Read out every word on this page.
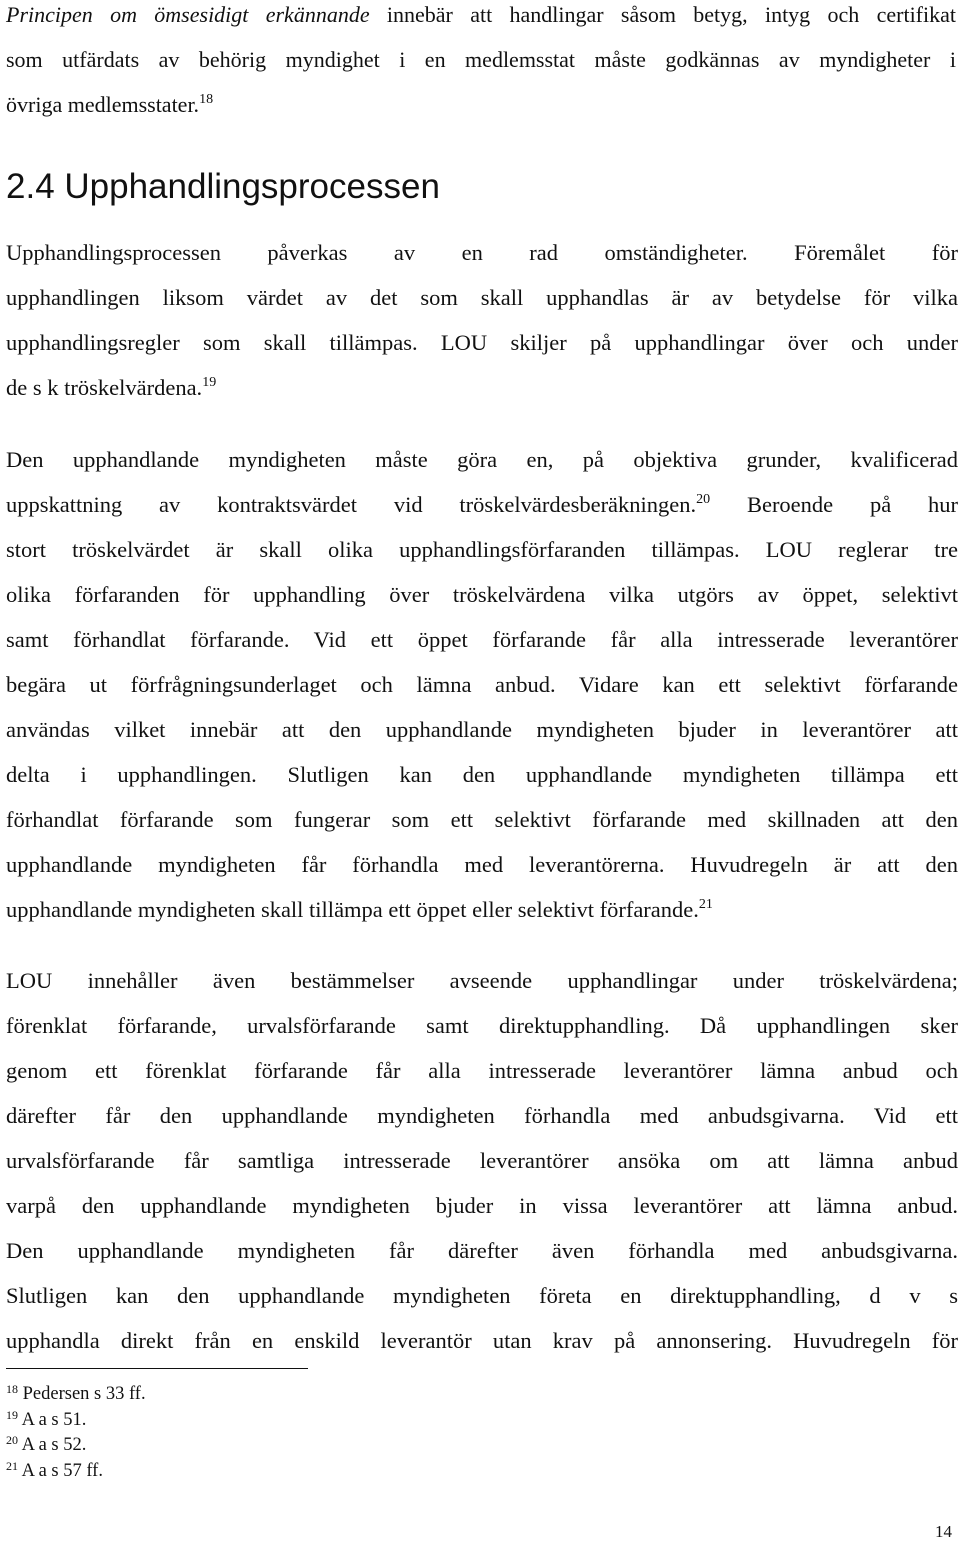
Principen om ömsesidigt erkännande innebär att handlingar såsom betyg, intyg och certifikat
som utfärdats av behörig myndighet i en medlemsstat måste godkännas av myndigheter i
övriga medlemsstater.$^{18}$
2.4 Upphandlingsprocessen
Upphandlingsprocessen påverkas av en rad omständigheter. Föremålet för
upphandlingen liksom värdet av det som skall upphandlas är av betydelse för vilka
upphandlingsregler som skall tillämpas. LOU skiljer på upphandlingar över och under
de s k tröskelvärdena.$^{19}$
Den upphandlande myndigheten måste göra en, på objektiva grunder, kvalificerad
uppskattning av kontraktsvärdet vid tröskelvärdesberäkningen.$^{20}$ Beroende på hur
stort tröskelvärdet är skall olika upphandlingsförfaranden tillämpas. LOU reglerar tre
olika förfaranden för upphandling över tröskelvärdena vilka utgörs av öppet, selektivt
samt förhandlat förfarande. Vid ett öppet förfarande får alla intresserade leverantörer
begära ut förfrågningsunderlaget och lämna anbud. Vidare kan ett selektivt förfarande
användas vilket innebär att den upphandlande myndigheten bjuder in leverantörer att
delta i upphandlingen. Slutligen kan den upphandlande myndigheten tillämpa ett
förhandlat förfarande som fungerar som ett selektivt förfarande med skillnaden att den
upphandlande myndigheten får förhandla med leverantörerna. Huvudregeln är att den
upphandlande myndigheten skall tillämpa ett öppet eller selektivt förfarande.$^{21}$
LOU innehåller även bestämmelser avseende upphandlingar under tröskelvärdena;
förenklat förfarande, urvalsförfarande samt direktupphandling. Då upphandlingen sker
genom ett förenklat förfarande får alla intresserade leverantörer lämna anbud och
därefter får den upphandlande myndigheten förhandla med anbudsgivarna. Vid ett
urvalsförfarande får samtliga intresserade leverantörer ansöka om att lämna anbud
varpå den upphandlande myndigheten bjuder in vissa leverantörer att lämna anbud.
Den upphandlande myndigheten får därefter även förhandla med anbudsgivarna.
Slutligen kan den upphandlande myndigheten företa en direktupphandling, d v s
upphandla direkt från en enskild leverantör utan krav på annonsering. Huvudregeln för
$^{18}$ Pedersen s 33 ff.
$^{19}$ A a s 51.
$^{20}$ A a s 52.
$^{21}$ A a s 57 ff.
14
